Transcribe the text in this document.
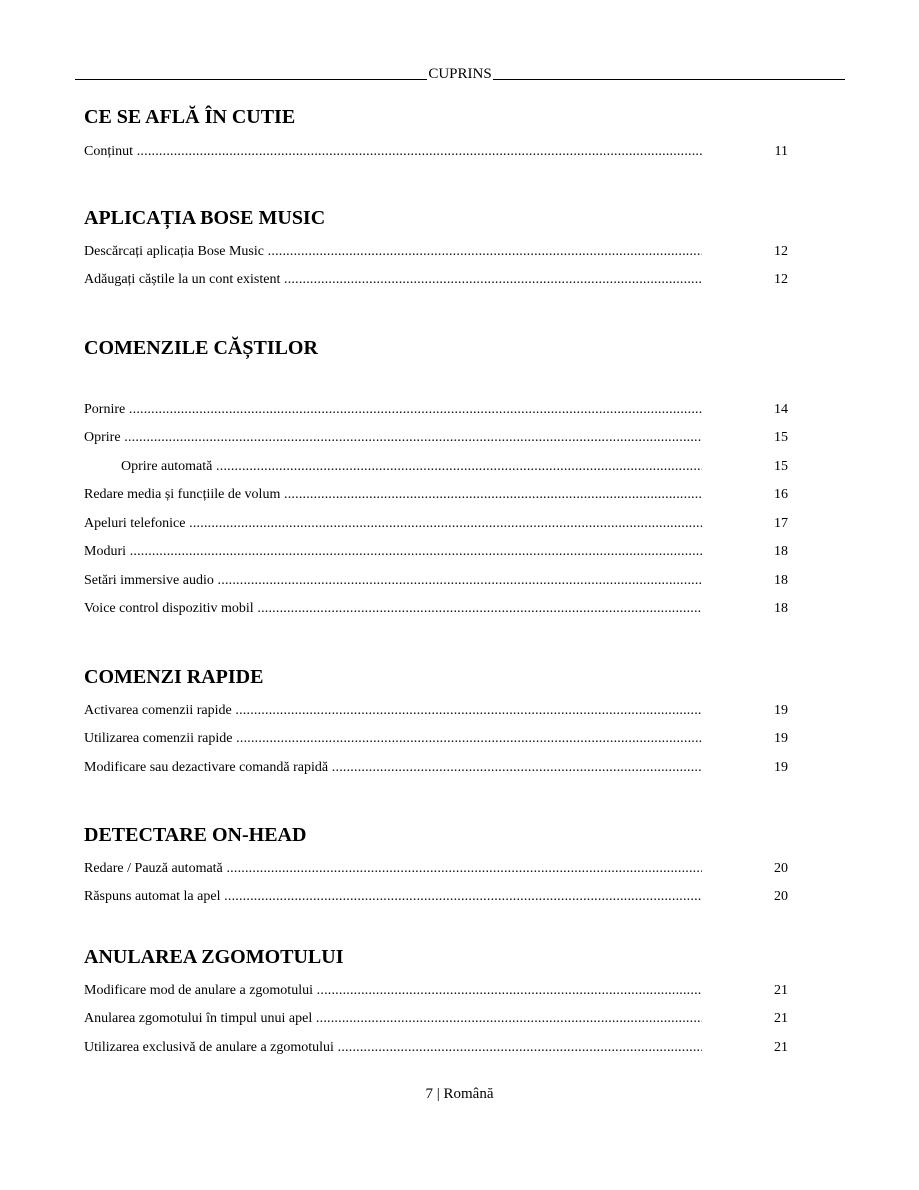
CUPRINS
CE SE AFLĂ ÎN CUTIE
Conținut .....	11
APLICAȚIA BOSE MUSIC
Descărcați aplicația Bose Music .....	12
Adăugați căștile la un cont existent .....	12
COMENZILE CĂȘTILOR
Pornire .....	14
Oprire .....	15
Oprire automată .....	15
Redare media și funcțiile de volum .....	16
Apeluri telefonice .....	17
Moduri .....	18
Setări immersive audio .....	18
Voice control dispozitiv mobil .....	18
COMENZI RAPIDE
Activarea comenzii rapide .....	19
Utilizarea comenzii rapide .....	19
Modificare sau dezactivare comandă rapidă .....	19
DETECTARE ON-HEAD
Redare / Pauză automată .....	20
Răspuns automat la apel .....	20
ANULAREA ZGOMOTULUI
Modificare mod de anulare a zgomotului .....	21
Anularea zgomotului în timpul unui apel .....	21
Utilizarea exclusivă de anulare a zgomotului .....	21
7 | Română
